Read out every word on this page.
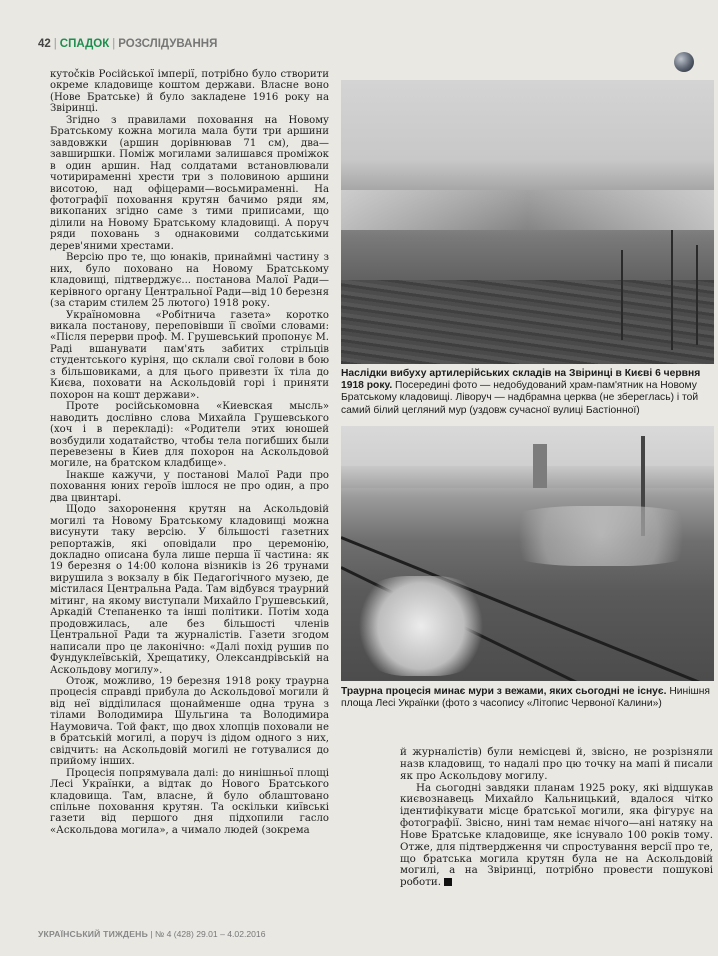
42 | СПАДОК | РОЗСЛІДУВАННЯ

кутočків Російської імперії, потрібно було створити окреме кладовище коштом держави. Власне воно (Нове Братське) й було закладене 1916 року на Звіринці.

Згідно з правилами поховання на Новому Братському кожна могила мала бути три аршини завдовжки (аршин дорівнював 71 см), два—завширшки. Поміж могилами залишався проміжок в один аршин. Над солдатами встановлювали чотирираменні хрести три з половиною аршини висотою, над офіцерами—восьмираменні. На фотографії поховання крутян бачимо ряди ям, викопаних згідно саме з тими приписами, що ділили на Новому Братському кладовищі. А поруч ряди поховань з однаковими солдатськими дерев'яними хрестами.

Версію про те, що юнаків, принаймні частину з них, було поховано на Новому Братському кладовищі, підтверджує... постанова Малої Ради—керівного органу Центральної Ради—від 10 березня (за старим стилем 25 лютого) 1918 року.

Україномовна «Робітнича газета» коротко викала постанову, переповівши її своїми словами: «Після перерви проф. М. Грушевський пропонує М. Раді вшанувати пам'ять забитих стрільців студентського куріня, що склали свої голови в бою з більшовиками, а для цього привезти їх тіла до Києва, поховати на Аскольдовій горі і приняти похорон на кошт держави».

Проте російськомовна «Киевская мысль» наводить дослівно слова Михайла Грушевського (хоч і в перекладі): «Родители этих юношей возбудили ходатайство, чтобы тела погибших были перевезены в Киев для похорон на Аскольдовой могиле, на братском кладбище».

Інакше кажучи, у постанові Малої Ради про поховання юних героїв ішлося не про один, а про два цвинтарі.

Щодо захоронення крутян на Аскольдовій могилі та Новому Братському кладовищі можна висунути таку версію. У більшості газетних репортажів, які оповідали про церемонію, докладно описана була лише перша її частина: як 19 березня о 14:00 колона візників із 26 трунами вирушила з вокзалу в бік Педагогічного музею, де містилася Центральна Рада. Там відбувся траурний мітинг, на якому виступали Михайло Грушевський, Аркадій Степаненко та інші політики. Потім хода продовжилась, але без більшості членів Центральної Ради та журналістів. Газети згодом написали про це лаконічно: «Далі похід рушив по Фундуклеївській, Хрещатику, Олександрівській на Аскольдову могилу».

Отож, можливо, 19 березня 1918 року траурна процесія справді прибула до Аскольдової могили й від неї відділилася щонайменше одна труна з тілами Володимира Шульгина та Володимира Наумовича. Той факт, що двох хлопців поховали не в братській могилі, а поруч із дідом одного з них, свідчить: на Аскольдовій могилі не готувалися до прийому інших.

Процесія попрямувала далі: до нинішньої площі Лесі Українки, а відтак до Нового Братського кладовища. Там, власне, й було облаштовано спільне поховання крутян. Та оскільки київські газети від першого дня підхопили гасло «Аскольдова могила», а чимало людей (зокрема

Наслідки вибуху артилерійських складів на Звіринці в Києві 6 червня 1918 року. Посередині фото — недобудований храм-пам'ятник на Новому Братському кладовищі. Ліворуч — надбрамна церква (не збереглась) і той самий білий цегляний мур (уздовж сучасної вулиці Бастіонної)
Траурна процесія минає мури з вежами, яких сьогодні не існує. Нинішня площа Лесі Українки (фото з часопису «Літопис Червоної Калини»)

й журналістів) були немісцеві й, звісно, не розрізняли назв кладовищ, то надалі про цю точку на мапі й писали як про Аскольдову могилу.

На сьогодні завдяки планам 1925 року, які відшукав києвознавець Михайло Кальницький, вдалося чітко ідентифікувати місце братської могили, яка фігурує на фотографії. Звісно, нині там немає нічого—ані натяку на Нове Братське кладовище, яке існувало 100 років тому. Отже, для підтвердження чи спростування версії про те, що братська могила крутян була не на Аскольдовій могилі, а на Звіринці, потрібно провести пошукові роботи.

УКРАЇНСЬКИЙ ТИЖДЕНЬ | № 4 (428) 29.01 – 4.02.2016
